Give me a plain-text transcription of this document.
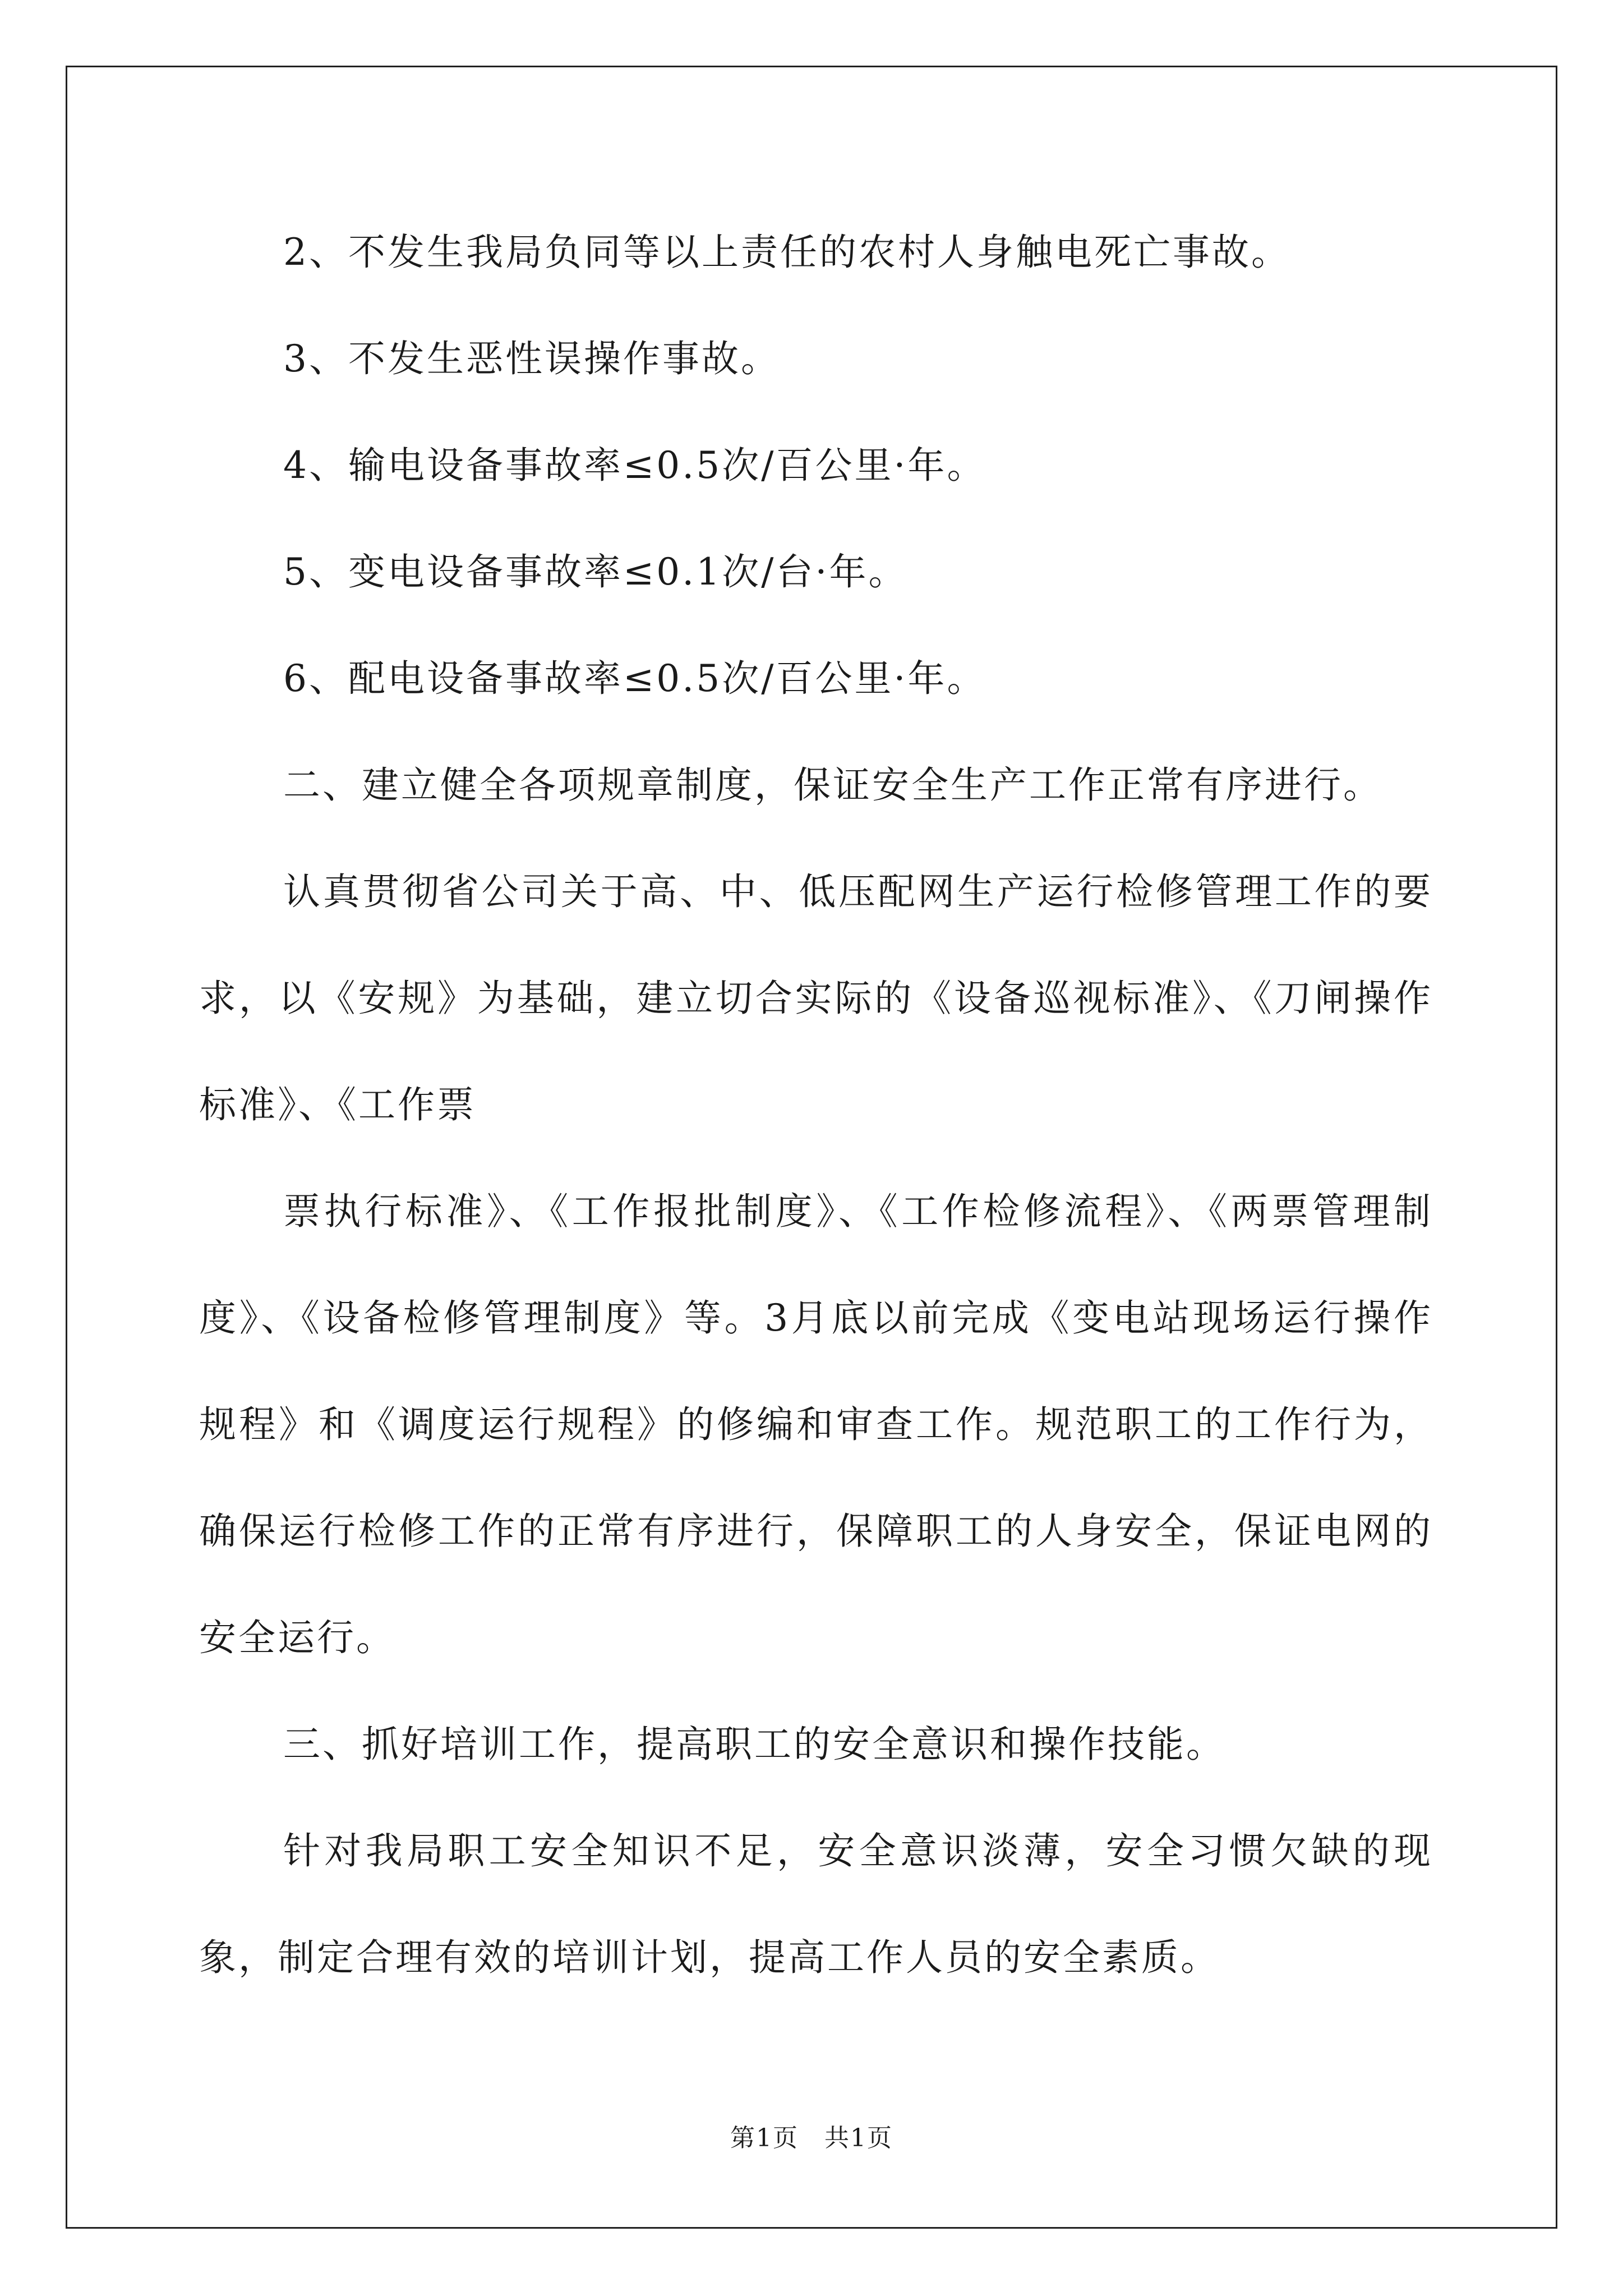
2、不发生我局负同等以上责任的农村人身触电死亡事故。

3、不发生恶性误操作事故。

4、输电设备事故率≤0.5次/百公里·年。

5、变电设备事故率≤0.1次/台·年。

6、配电设备事故率≤0.5次/百公里·年。

二、建立健全各项规章制度，保证安全生产工作正常有序进行。

认真贯彻省公司关于高、中、低压配网生产运行检修管理工作的要求，以《安规》为基础，建立切合实际的《设备巡视标准》、《刀闸操作标准》、《工作票

票执行标准》、《工作报批制度》、《工作检修流程》、《两票管理制度》、《设备检修管理制度》等。3月底以前完成《变电站现场运行操作规程》和《调度运行规程》的修编和审查工作。规范职工的工作行为，确保运行检修工作的正常有序进行，保障职工的人身安全，保证电网的安全运行。

三、抓好培训工作，提高职工的安全意识和操作技能。

针对我局职工安全知识不足，安全意识淡薄，安全习惯欠缺的现象，制定合理有效的培训计划，提高工作人员的安全素质。

第1页　共1页
